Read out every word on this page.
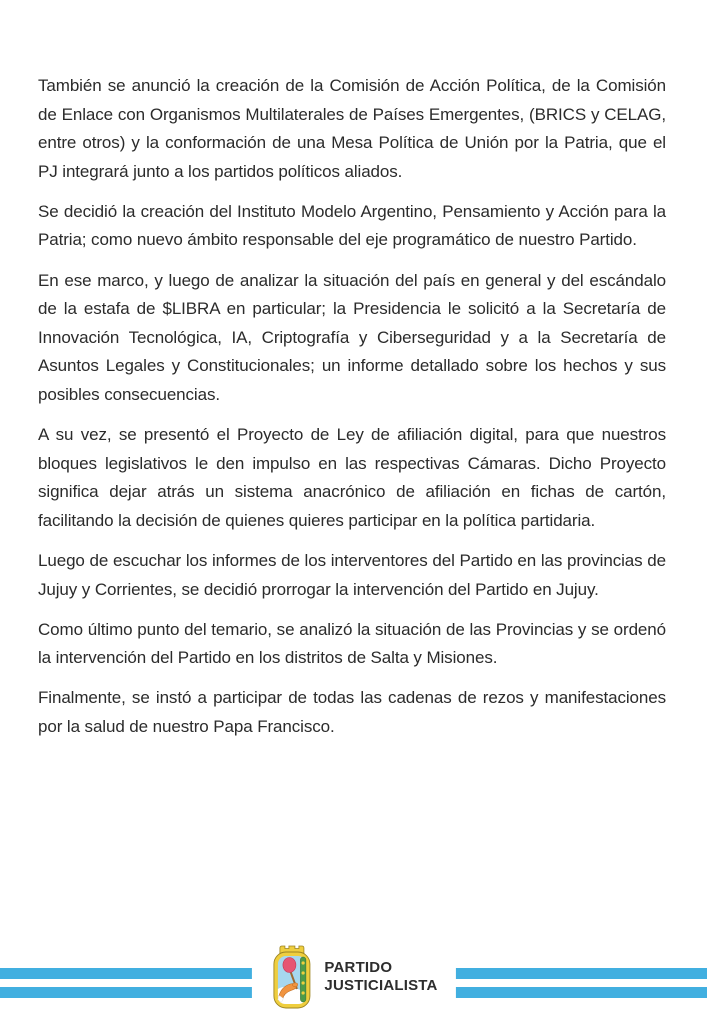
También se anunció la creación de la Comisión de Acción Política, de la Comisión de Enlace con Organismos Multilaterales de Países Emergentes, (BRICS y CELAG, entre otros) y la conformación de una Mesa Política de Unión por la Patria, que el PJ integrará junto a los partidos políticos aliados.

Se decidió la creación del Instituto Modelo Argentino, Pensamiento y Acción para la Patria; como nuevo ámbito responsable del eje programático de nuestro Partido.

En ese marco, y luego de analizar la situación del país en general y del escándalo de la estafa de $LIBRA en particular; la Presidencia le solicitó a la Secretaría de Innovación Tecnológica, IA, Criptografía y Ciberseguridad y a la Secretaría de Asuntos Legales y Constitucionales; un informe detallado sobre los hechos y sus posibles consecuencias.

A su vez, se presentó el Proyecto de Ley de afiliación digital, para que nuestros bloques legislativos le den impulso en las respectivas Cámaras. Dicho Proyecto significa dejar atrás un sistema anacrónico de afiliación en fichas de cartón, facilitando la decisión de quienes quieres participar en la política partidaria.

Luego de escuchar los informes de los interventores del Partido en las provincias de Jujuy y Corrientes, se decidió prorrogar la intervención del Partido en Jujuy.

Como último punto del temario, se analizó la situación de las Provincias y se ordenó la intervención del Partido en los distritos de Salta y Misiones.

Finalmente, se instó a participar de todas las cadenas de rezos y manifestaciones por la salud de nuestro Papa Francisco.

PARTIDO
JUSTICIALISTA
